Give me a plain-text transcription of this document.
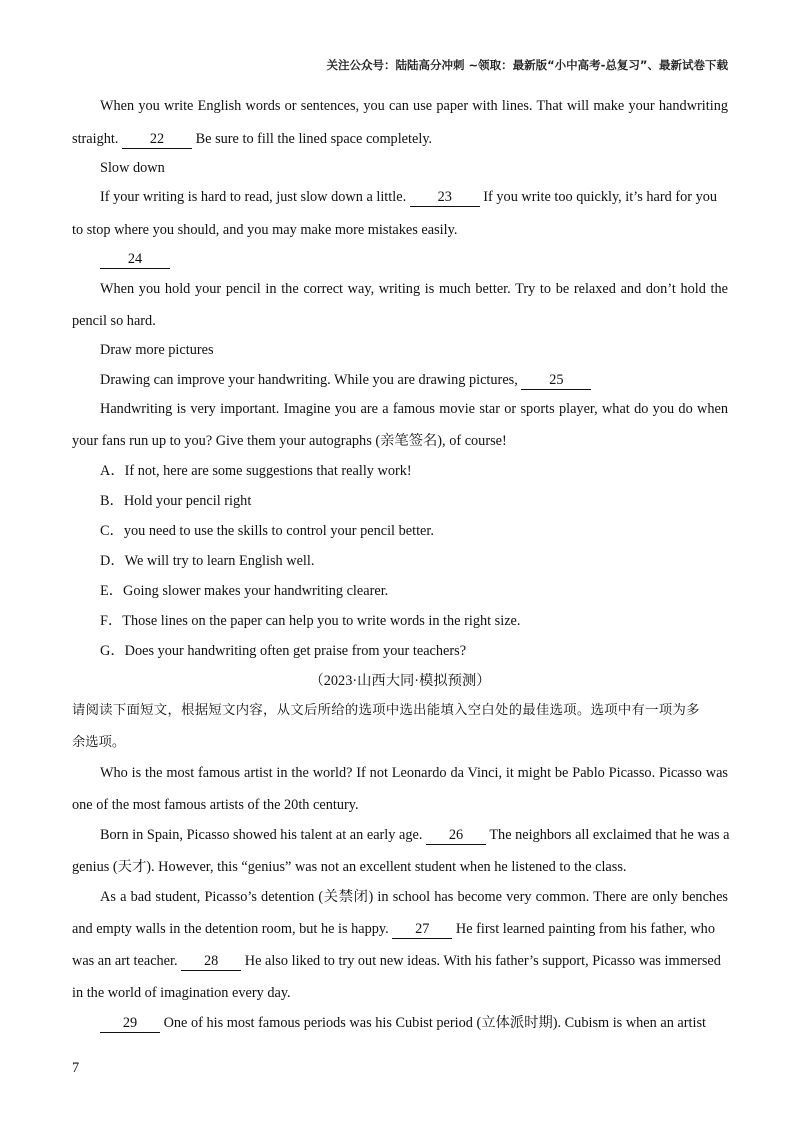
关注公众号：陆陆高分冲刺 ~领取：最新版“小中高考-总复习”、最新试卷下载
When you write English words or sentences, you can use paper with lines. That will make your handwriting
straight. 22 Be sure to fill the lined space completely.
Slow down
If your writing is hard to read, just slow down a little. 23 If you write too quickly, it’s hard for you
to stop where you should, and you may make more mistakes easily.
24
When you hold your pencil in the correct way, writing is much better. Try to be relaxed and don’t hold the
pencil so hard.
Draw more pictures
Drawing can improve your handwriting. While you are drawing pictures, 25
Handwriting is very important. Imagine you are a famous movie star or sports player, what do you do when
your fans run up to you? Give them your autographs (亲笔签名), of course!
A．If not, here are some suggestions that really work!
B．Hold your pencil right
C．you need to use the skills to control your pencil better.
D．We will try to learn English well.
E．Going slower makes your handwriting clearer.
F．Those lines on the paper can help you to write words in the right size.
G．Does your handwriting often get praise from your teachers?
（2023·山西大同·模拟预测）
请阅读下面短文，根据短文内容，从文后所给的选项中选出能填入空白处的最佳选项。选项中有一项为多
余选项。
Who is the most famous artist in the world? If not Leonardo da Vinci, it might be Pablo Picasso. Picasso was
one of the most famous artists of the 20th century.
Born in Spain, Picasso showed his talent at an early age. 26 The neighbors all exclaimed that he was a
genius (天才). However, this “genius” was not an excellent student when he listened to the class.
As a bad student, Picasso’s detention (关禁闭) in school has become very common. There are only benches
and empty walls in the detention room, but he is happy. 27 He first learned painting from his father, who
was an art teacher. 28 He also liked to try out new ideas. With his father’s support, Picasso was immersed
in the world of imagination every day.
29 One of his most famous periods was his Cubist period (立体派时期). Cubism is when an artist
7
